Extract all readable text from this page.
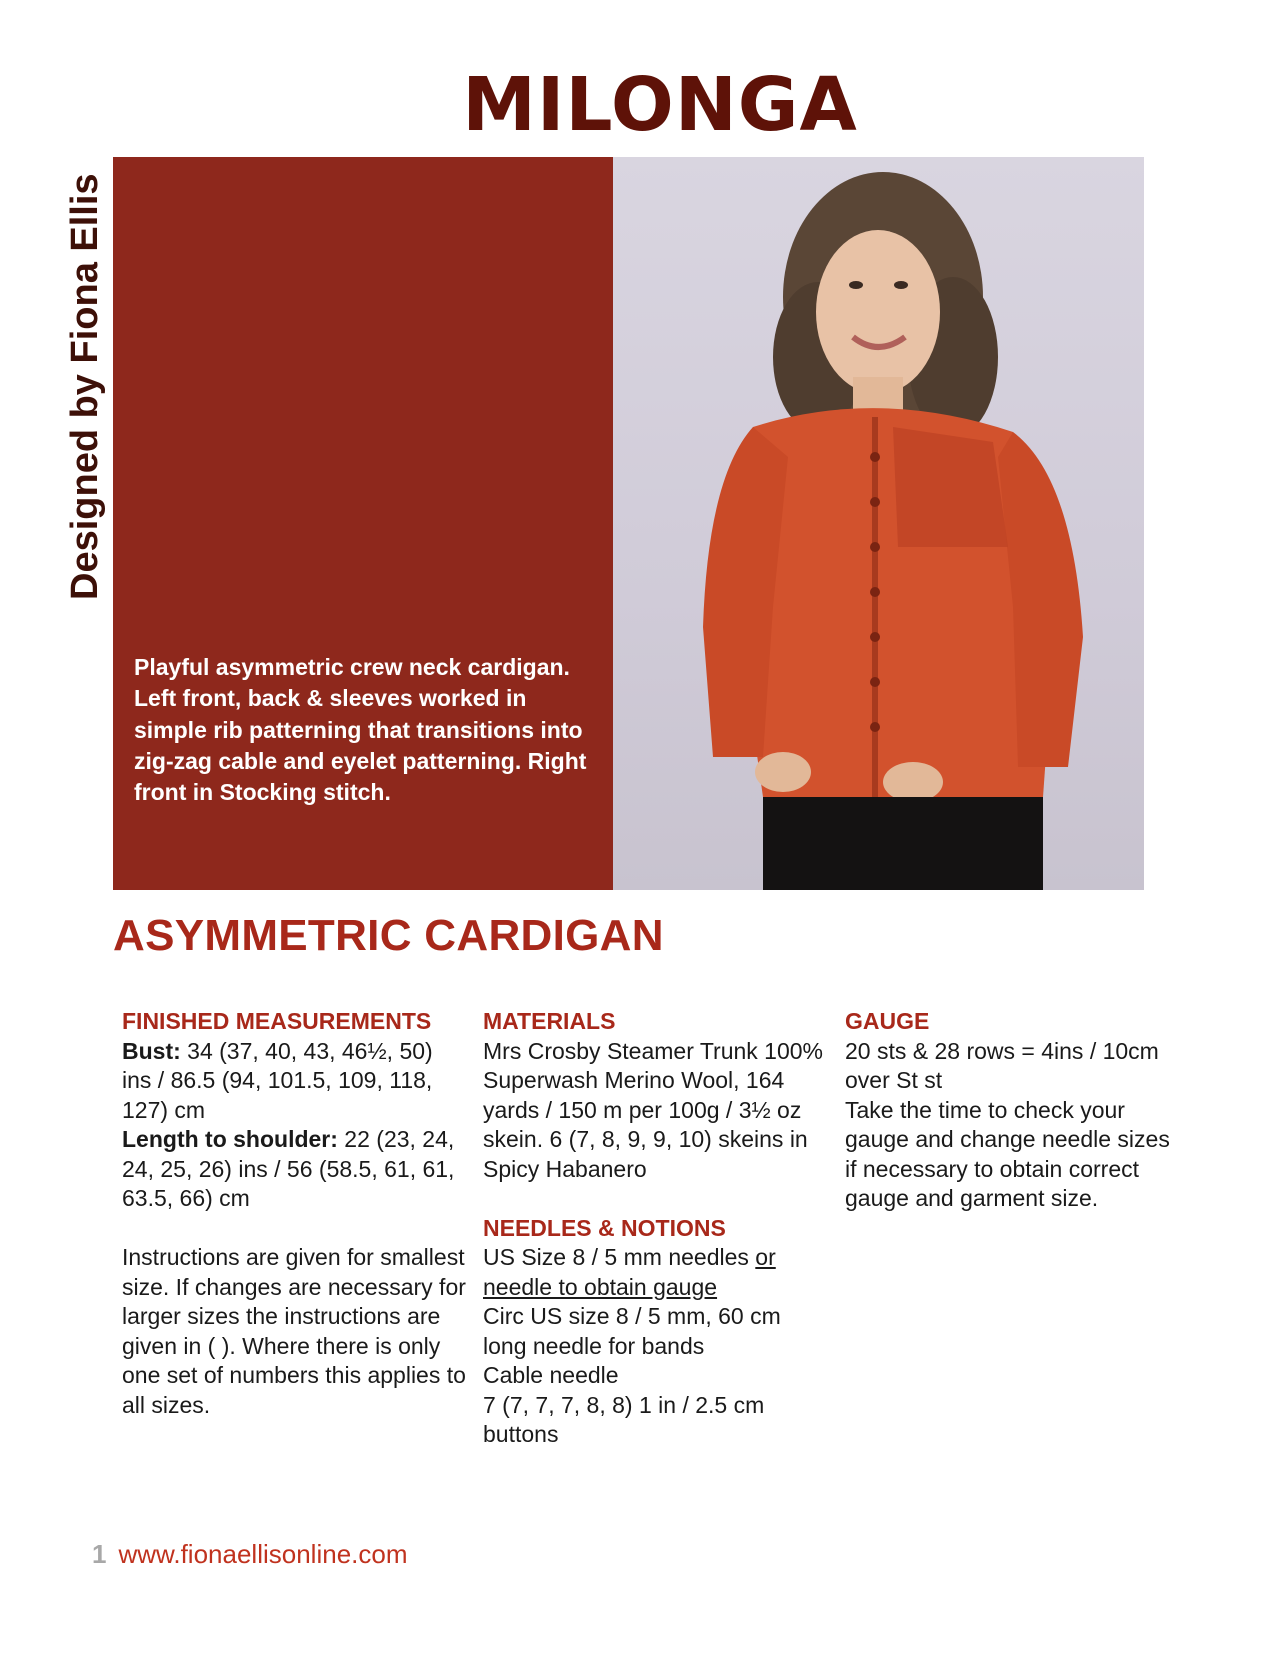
MILONGA
Designed by Fiona Ellis
Playful asymmetric crew neck cardigan. Left front, back & sleeves worked in simple rib patterning that transitions into zig-zag cable and eyelet patterning. Right front in Stocking stitch.
ASYMMETRIC CARDIGAN
FINISHED MEASUREMENTS
Bust: 34 (37, 40, 43, 46½, 50) ins / 86.5 (94, 101.5, 109, 118, 127) cm
Length to shoulder: 22 (23, 24, 24, 25, 26) ins / 56 (58.5, 61, 61, 63.5, 66) cm
Instructions are given for smallest size. If changes are necessary for larger sizes the instructions are given in ( ). Where there is only one set of numbers this applies to all sizes.
MATERIALS
Mrs Crosby Steamer Trunk 100% Superwash Merino Wool, 164 yards / 150 m per 100g / 3½ oz skein. 6 (7, 8, 9, 9, 10) skeins in Spicy Habanero
NEEDLES & NOTIONS
US Size 8 / 5 mm needles or needle to obtain gauge
Circ US size 8 / 5 mm, 60 cm long needle for bands
Cable needle
7 (7, 7, 7, 8, 8) 1 in / 2.5 cm buttons
GAUGE
20 sts & 28 rows = 4ins / 10cm over St st
Take the time to check your gauge and change needle sizes if necessary to obtain correct gauge and garment size.
1 www.fionaellisonline.com
